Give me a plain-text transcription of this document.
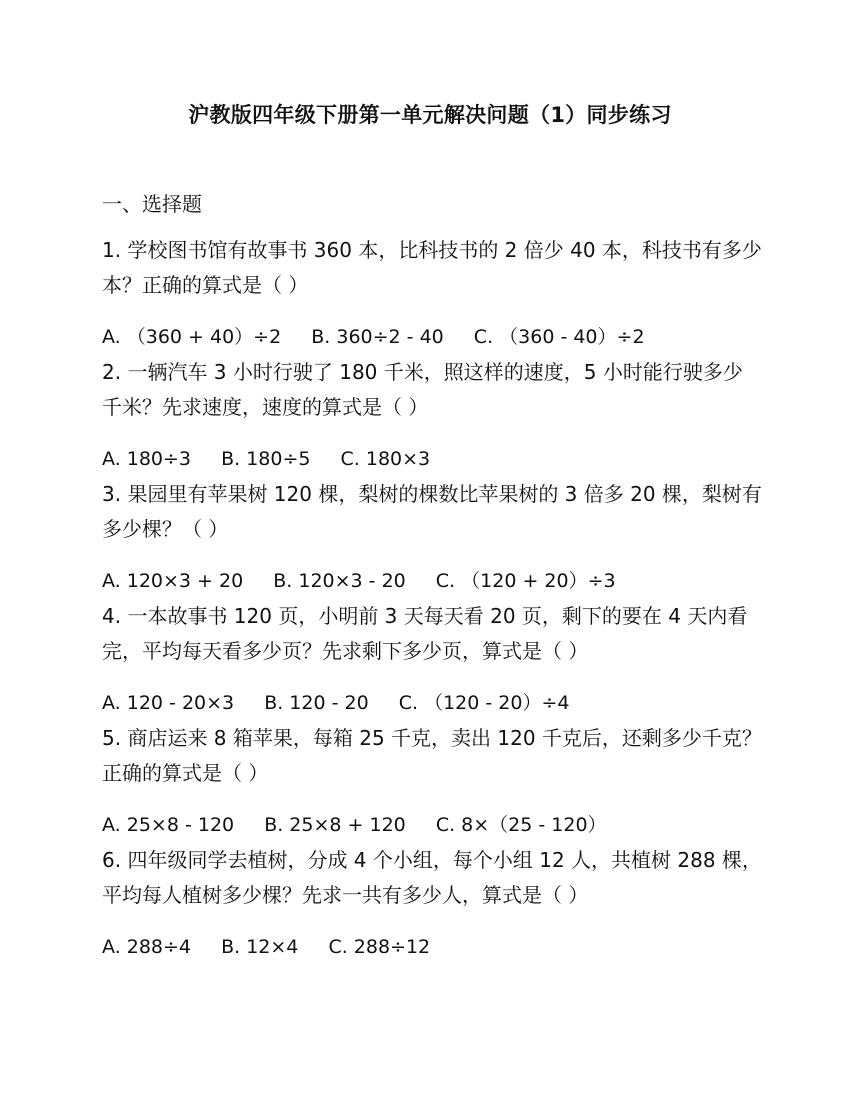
沪教版四年级下册第一单元解决问题（1）同步练习
一、选择题

1. 学校图书馆有故事书 360 本，比科技书的 2 倍少 40 本，科技书有多少本？正确的算式是（ ）

A. （360 + 40）÷2 B. 360÷2 - 40 C. （360 - 40）÷2

2. 一辆汽车 3 小时行驶了 180 千米，照这样的速度，5 小时能行驶多少千米？先求速度，速度的算式是（ ）

A. 180÷3 B. 180÷5 C. 180×3

3. 果园里有苹果树 120 棵，梨树的棵数比苹果树的 3 倍多 20 棵，梨树有多少棵？（ ）

A. 120×3 + 20 B. 120×3 - 20 C. （120 + 20）÷3

4. 一本故事书 120 页，小明前 3 天每天看 20 页，剩下的要在 4 天内看完，平均每天看多少页？先求剩下多少页，算式是（ ）

A. 120 - 20×3 B. 120 - 20 C. （120 - 20）÷4

5. 商店运来 8 箱苹果，每箱 25 千克，卖出 120 千克后，还剩多少千克？正确的算式是（ ）

A. 25×8 - 120 B. 25×8 + 120 C. 8×（25 - 120）

6. 四年级同学去植树，分成 4 个小组，每个小组 12 人，共植树 288 棵，平均每人植树多少棵？先求一共有多少人，算式是（ ）

A. 288÷4 B. 12×4 C. 288÷12
